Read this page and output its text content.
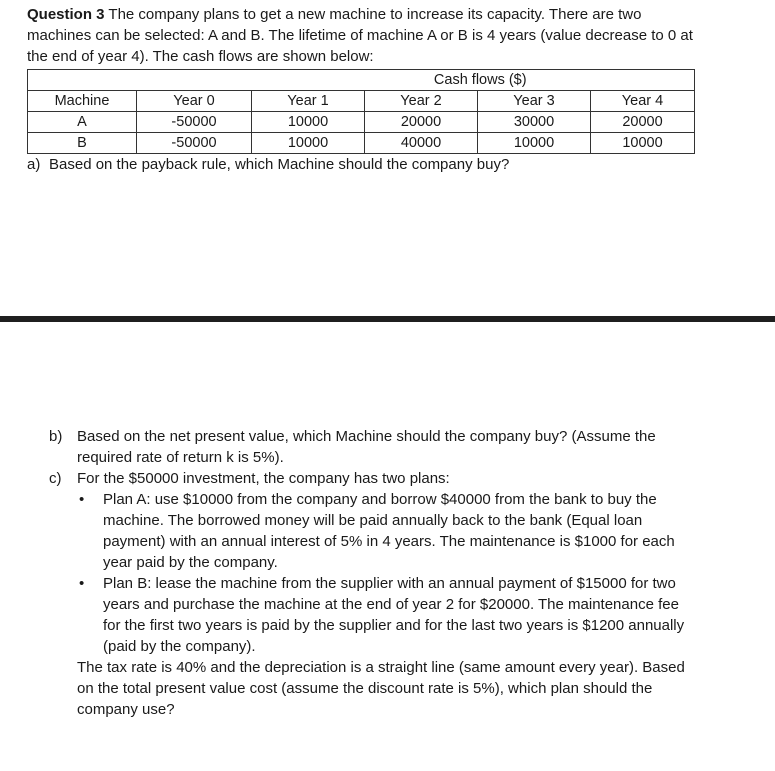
Question 3 The company plans to get a new machine to increase its capacity. There are two machines can be selected: A and B. The lifetime of machine A or B is 4 years (value decrease to 0 at the end of year 4). The cash flows are shown below:
	Cash flows ($)				
Machine	Year 0	Year 1	Year 2	Year 3	Year 4
A	-50000	10000	20000	30000	20000
B	-50000	10000	40000	10000	10000
a) Based on the payback rule, which Machine should the company buy?
b) Based on the net present value, which Machine should the company buy? (Assume the required rate of return k is 5%).
c) For the $50000 investment, the company has two plans:
• Plan A: use $10000 from the company and borrow $40000 from the bank to buy the machine. The borrowed money will be paid annually back to the bank (Equal loan payment) with an annual interest of 5% in 4 years. The maintenance is $1000 for each year paid by the company.
• Plan B: lease the machine from the supplier with an annual payment of $15000 for two years and purchase the machine at the end of year 2 for $20000. The maintenance fee for the first two years is paid by the supplier and for the last two years is $1200 annually (paid by the company).
The tax rate is 40% and the depreciation is a straight line (same amount every year). Based on the total present value cost (assume the discount rate is 5%), which plan should the company use?
